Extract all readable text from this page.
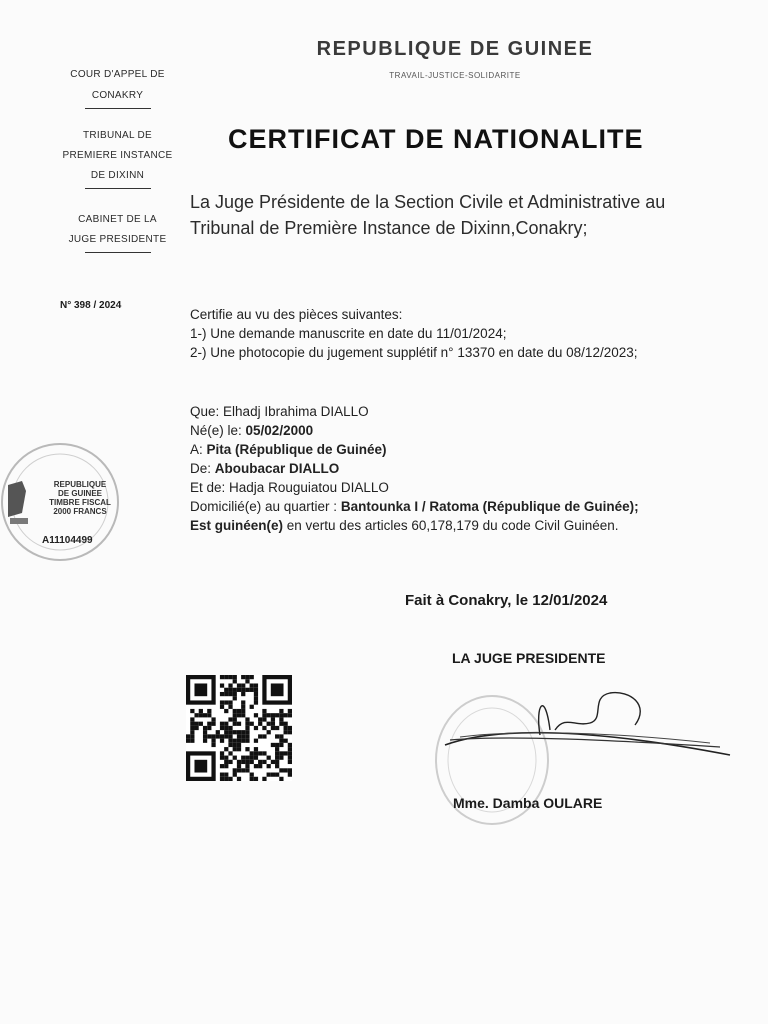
REPUBLIQUE DE GUINEE
TRAVAIL-JUSTICE-SOLIDARITE
COUR D'APPEL DE
CONAKRY
TRIBUNAL DE
PREMIERE INSTANCE
DE DIXINN
CABINET DE LA
JUGE PRESIDENTE
N° 398 / 2024
REPUBLIQUE
DE GUINEE
TIMBRE FISCAL
2000 FRANCS
A11104499
CERTIFICAT DE NATIONALITE
La Juge Présidente de la Section Civile et Administrative au Tribunal de Première Instance de Dixinn,Conakry;
Certifie au vu des pièces suivantes:
1-) Une demande manuscrite en date du 11/01/2024;
2-) Une photocopie du jugement supplétif n° 13370 en date du 08/12/2023;
Que: Elhadj Ibrahima DIALLO
Né(e) le: 05/02/2000
A: Pita (République de Guinée)
De: Aboubacar DIALLO
Et de: Hadja Rouguiatou DIALLO
Domicilié(e) au quartier : Bantounka I / Ratoma (République de Guinée);
Est guinéen(e) en vertu des articles 60,178,179 du code Civil Guinéen.
Fait à Conakry, le 12/01/2024
LA JUGE PRESIDENTE
Mme. Damba OULARE
